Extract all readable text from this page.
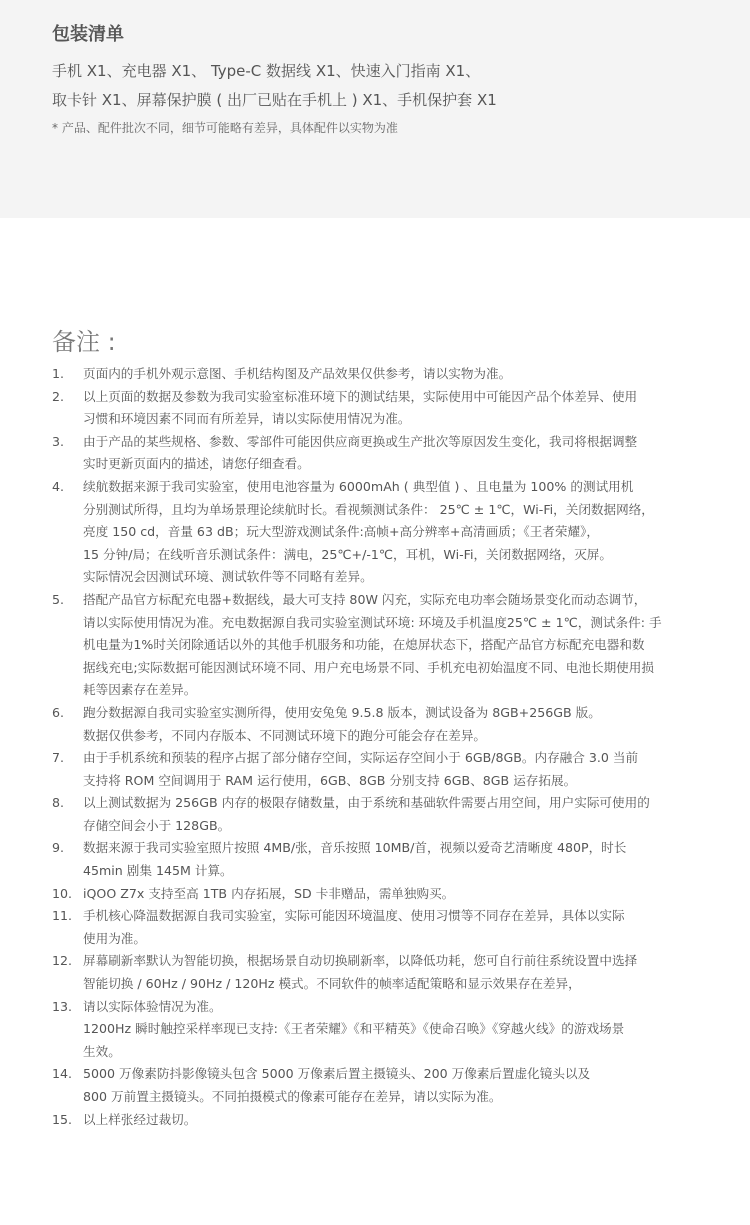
包装清单
手机 X1、充电器 X1、 Type-C 数据线 X1、快速入门指南 X1、
取卡针 X1、屏幕保护膜 ( 出厂已贴在手机上 ) X1、手机保护套 X1
* 产品、配件批次不同，细节可能略有差异，具体配件以实物为准
备注 :
1. 页面内的手机外观示意图、手机结构图及产品效果仅供参考，请以实物为准。
2. 以上页面的数据及参数为我司实验室标准环境下的测试结果，实际使用中可能因产品个体差异、使用
习惯和环境因素不同而有所差异，请以实际使用情况为准。
3. 由于产品的某些规格、参数、零部件可能因供应商更换或生产批次等原因发生变化，我司将根据调整
实时更新页面内的描述，请您仔细查看。
4. 续航数据来源于我司实验室，使用电池容量为 6000mAh ( 典型值 ) 、且电量为 100% 的测试用机
分别测试所得，且均为单场景理论续航时长。看视频测试条件： 25℃ ± 1℃，Wi-Fi，关闭数据网络，
亮度 150 cd，音量 63 dB；玩大型游戏测试条件:高帧+高分辨率+高清画质；《王者荣耀》，
15 分钟/局；在线听音乐测试条件：满电，25℃+/-1℃，耳机，Wi-Fi，关闭数据网络，灭屏。
实际情况会因测试环境、测试软件等不同略有差异。
5. 搭配产品官方标配充电器+数据线，最大可支持 80W 闪充，实际充电功率会随场景变化而动态调节，
请以实际使用情况为准。充电数据源自我司实验室测试环境: 环境及手机温度25℃ ± 1℃，测试条件: 手
机电量为1%时关闭除通话以外的其他手机服务和功能，在熄屏状态下，搭配产品官方标配充电器和数
据线充电;实际数据可能因测试环境不同、用户充电场景不同、手机充电初始温度不同、电池长期使用损
耗等因素存在差异。
6. 跑分数据源自我司实验室实测所得，使用安兔兔 9.5.8 版本，测试设备为 8GB+256GB 版。
数据仅供参考，不同内存版本、不同测试环境下的跑分可能会存在差异。
7. 由于手机系统和预装的程序占据了部分储存空间，实际运存空间小于 6GB/8GB。内存融合 3.0 当前
支持将 ROM 空间调用于 RAM 运行使用，6GB、8GB 分别支持 6GB、8GB 运存拓展。
8. 以上测试数据为 256GB 内存的极限存储数量，由于系统和基础软件需要占用空间，用户实际可使用的
存储空间会小于 128GB。
9. 数据来源于我司实验室照片按照 4MB/张，音乐按照 10MB/首，视频以爱奇艺清晰度 480P，时长
45min 剧集 145M 计算。
10. iQOO Z7x 支持至高 1TB 内存拓展，SD 卡非赠品，需单独购买。
11. 手机核心降温数据源自我司实验室，实际可能因环境温度、使用习惯等不同存在差异，具体以实际
使用为准。
12. 屏幕刷新率默认为智能切换，根据场景自动切换刷新率，以降低功耗，您可自行前往系统设置中选择
智能切换 / 60Hz / 90Hz / 120Hz 模式。不同软件的帧率适配策略和显示效果存在差异，
13. 请以实际体验情况为准。
1200Hz 瞬时触控采样率现已支持:《王者荣耀》《和平精英》《使命召唤》《穿越火线》的游戏场景
生效。
14. 5000 万像素防抖影像镜头包含 5000 万像素后置主摄镜头、200 万像素后置虚化镜头以及
800 万前置主摄镜头。不同拍摄模式的像素可能存在差异，请以实际为准。
15. 以上样张经过裁切。
